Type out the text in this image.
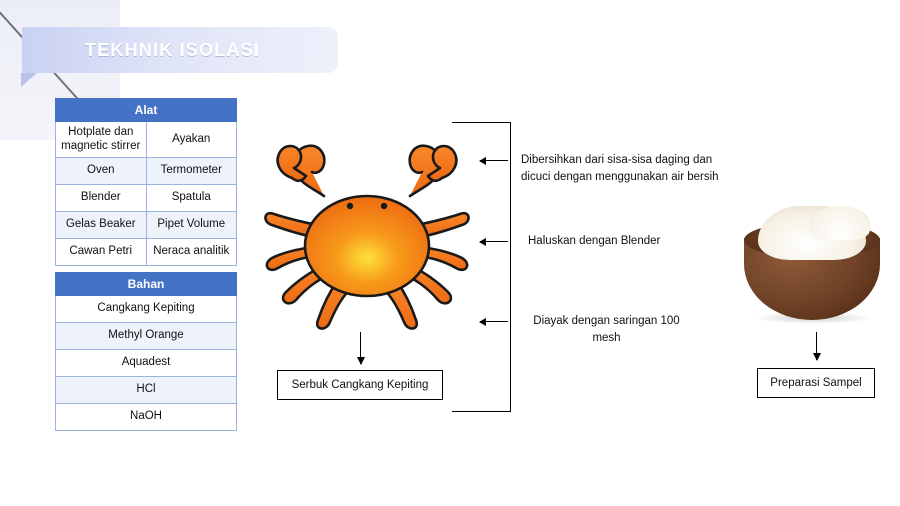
TEKHNIK ISOLASI
Alat	
Hotplate dan magnetic stirrer	Ayakan
Oven	Termometer
Blender	Spatula
Gelas Beaker	Pipet Volume
Cawan Petri	Neraca analitik
Bahan
Cangkang Kepiting
Methyl Orange
Aquadest
HCl
NaOH
Dibersihkan dari sisa-sisa daging dan dicuci dengan menggunakan air bersih
Haluskan dengan Blender
Diayak dengan saringan 100 mesh
Serbuk Cangkang Kepiting	Preparasi Sampel
